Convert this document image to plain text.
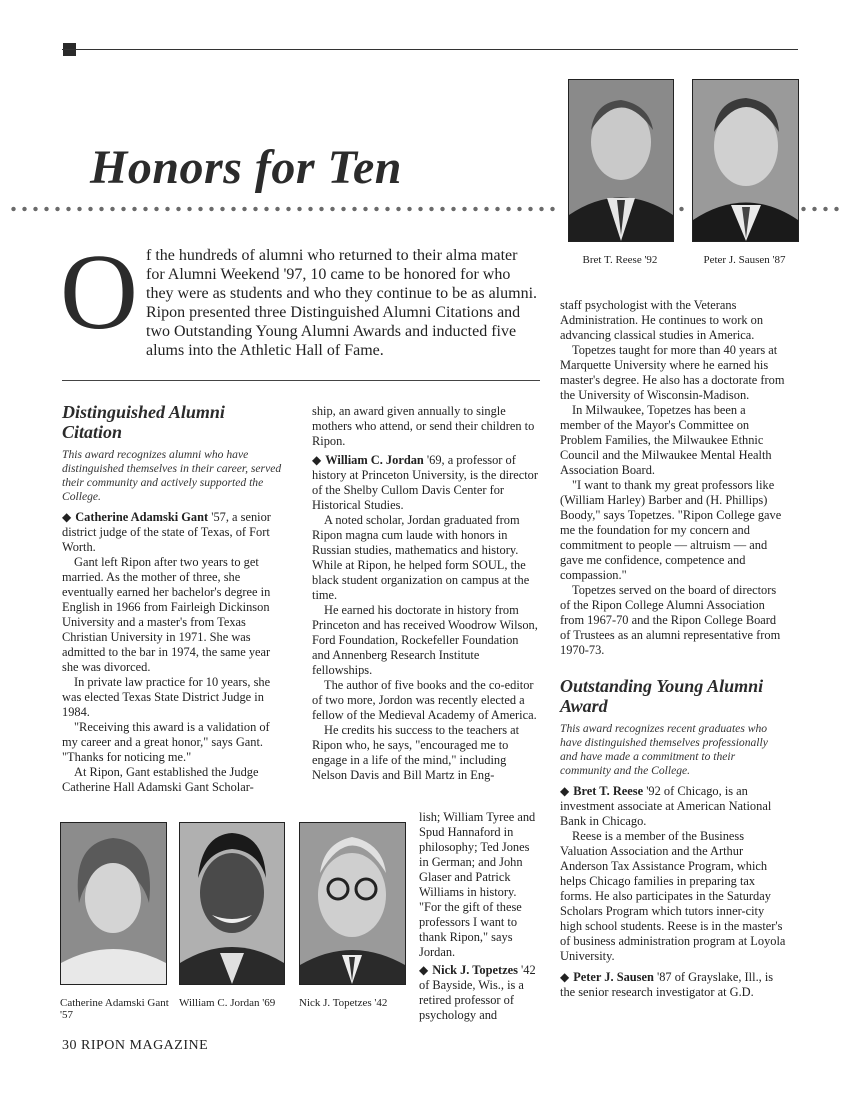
Honors for Ten
Bret T. Reese '92	Peter J. Sausen '87
Of the hundreds of alumni who returned to their alma mater for Alumni Weekend '97, 10 came to be honored for who they were as students and who they continue to be as alumni. Ripon presented three Distinguished Alumni Citations and two Outstanding Young Alumni Awards and inducted five alums into the Athletic Hall of Fame.
Distinguished Alumni Citation
This award recognizes alumni who have distinguished themselves in their career, served their community and actively supported the College.

◆ Catherine Adamski Gant '57, a senior district judge of the state of Texas, of Fort Worth.

Gant left Ripon after two years to get married. As the mother of three, she eventually earned her bachelor's degree in English in 1966 from Fairleigh Dickinson University and a master's from Texas Christian University in 1971. She was admitted to the bar in 1974, the same year she was divorced.

In private law practice for 10 years, she was elected Texas State District Judge in 1984.

"Receiving this award is a validation of my career and a great honor," says Gant. "Thanks for noticing me."

At Ripon, Gant established the Judge Catherine Hall Adamski Gant Scholar-

ship, an award given annually to single mothers who attend, or send their children to Ripon.

◆ William C. Jordan '69, a professor of history at Princeton University, is the director of the Shelby Cullom Davis Center for Historical Studies.

A noted scholar, Jordan graduated from Ripon magna cum laude with honors in Russian studies, mathematics and history. While at Ripon, he helped form SOUL, the black student organization on campus at the time.

He earned his doctorate in history from Princeton and has received Woodrow Wilson, Ford Foundation, Rockefeller Foundation and Annenberg Research Institute fellowships.

The author of five books and the co-editor of two more, Jordon was recently elected a fellow of the Medieval Academy of America.

He credits his success to the teachers at Ripon who, he says, "encouraged me to engage in a life of the mind," including Nelson Davis and Bill Martz in Eng-

lish; William Tyree and Spud Hannaford in philosophy; Ted Jones in German; and John Glaser and Patrick Williams in history. "For the gift of these professors I want to thank Ripon," says Jordan.

◆ Nick J. Topetzes '42 of Bayside, Wis., is a retired professor of psychology and

Catherine Adamski Gant '57
William C. Jordan '69	Nick J. Topetzes '42

staff psychologist with the Veterans Administration. He continues to work on advancing classical studies in America.

Topetzes taught for more than 40 years at Marquette University where he earned his master's degree. He also has a doctorate from the University of Wisconsin-Madison.

In Milwaukee, Topetzes has been a member of the Mayor's Committee on Problem Families, the Milwaukee Ethnic Council and the Milwaukee Mental Health Association Board.

"I want to thank my great professors like (William Harley) Barber and (H. Phillips) Boody," says Topetzes. "Ripon College gave me the foundation for my concern and commitment to people — altruism — and gave me confidence, competence and compassion."

Topetzes served on the board of directors of the Ripon College Alumni Association from 1967-70 and the Ripon College Board of Trustees as an alumni representative from 1970-73.

Outstanding Young Alumni Award
This award recognizes recent graduates who have distinguished themselves professionally and have made a commitment to their community and the College.

◆ Bret T. Reese '92 of Chicago, is an investment associate at American National Bank in Chicago.

Reese is a member of the Business Valuation Association and the Arthur Anderson Tax Assistance Program, which helps Chicago families in preparing tax forms. He also participates in the Saturday Scholars Program which tutors inner-city high school students. Reese is in the master's of business administration program at Loyola University.

◆ Peter J. Sausen '87 of Grayslake, Ill., is the senior research investigator at G.D.

30 RIPON MAGAZINE
